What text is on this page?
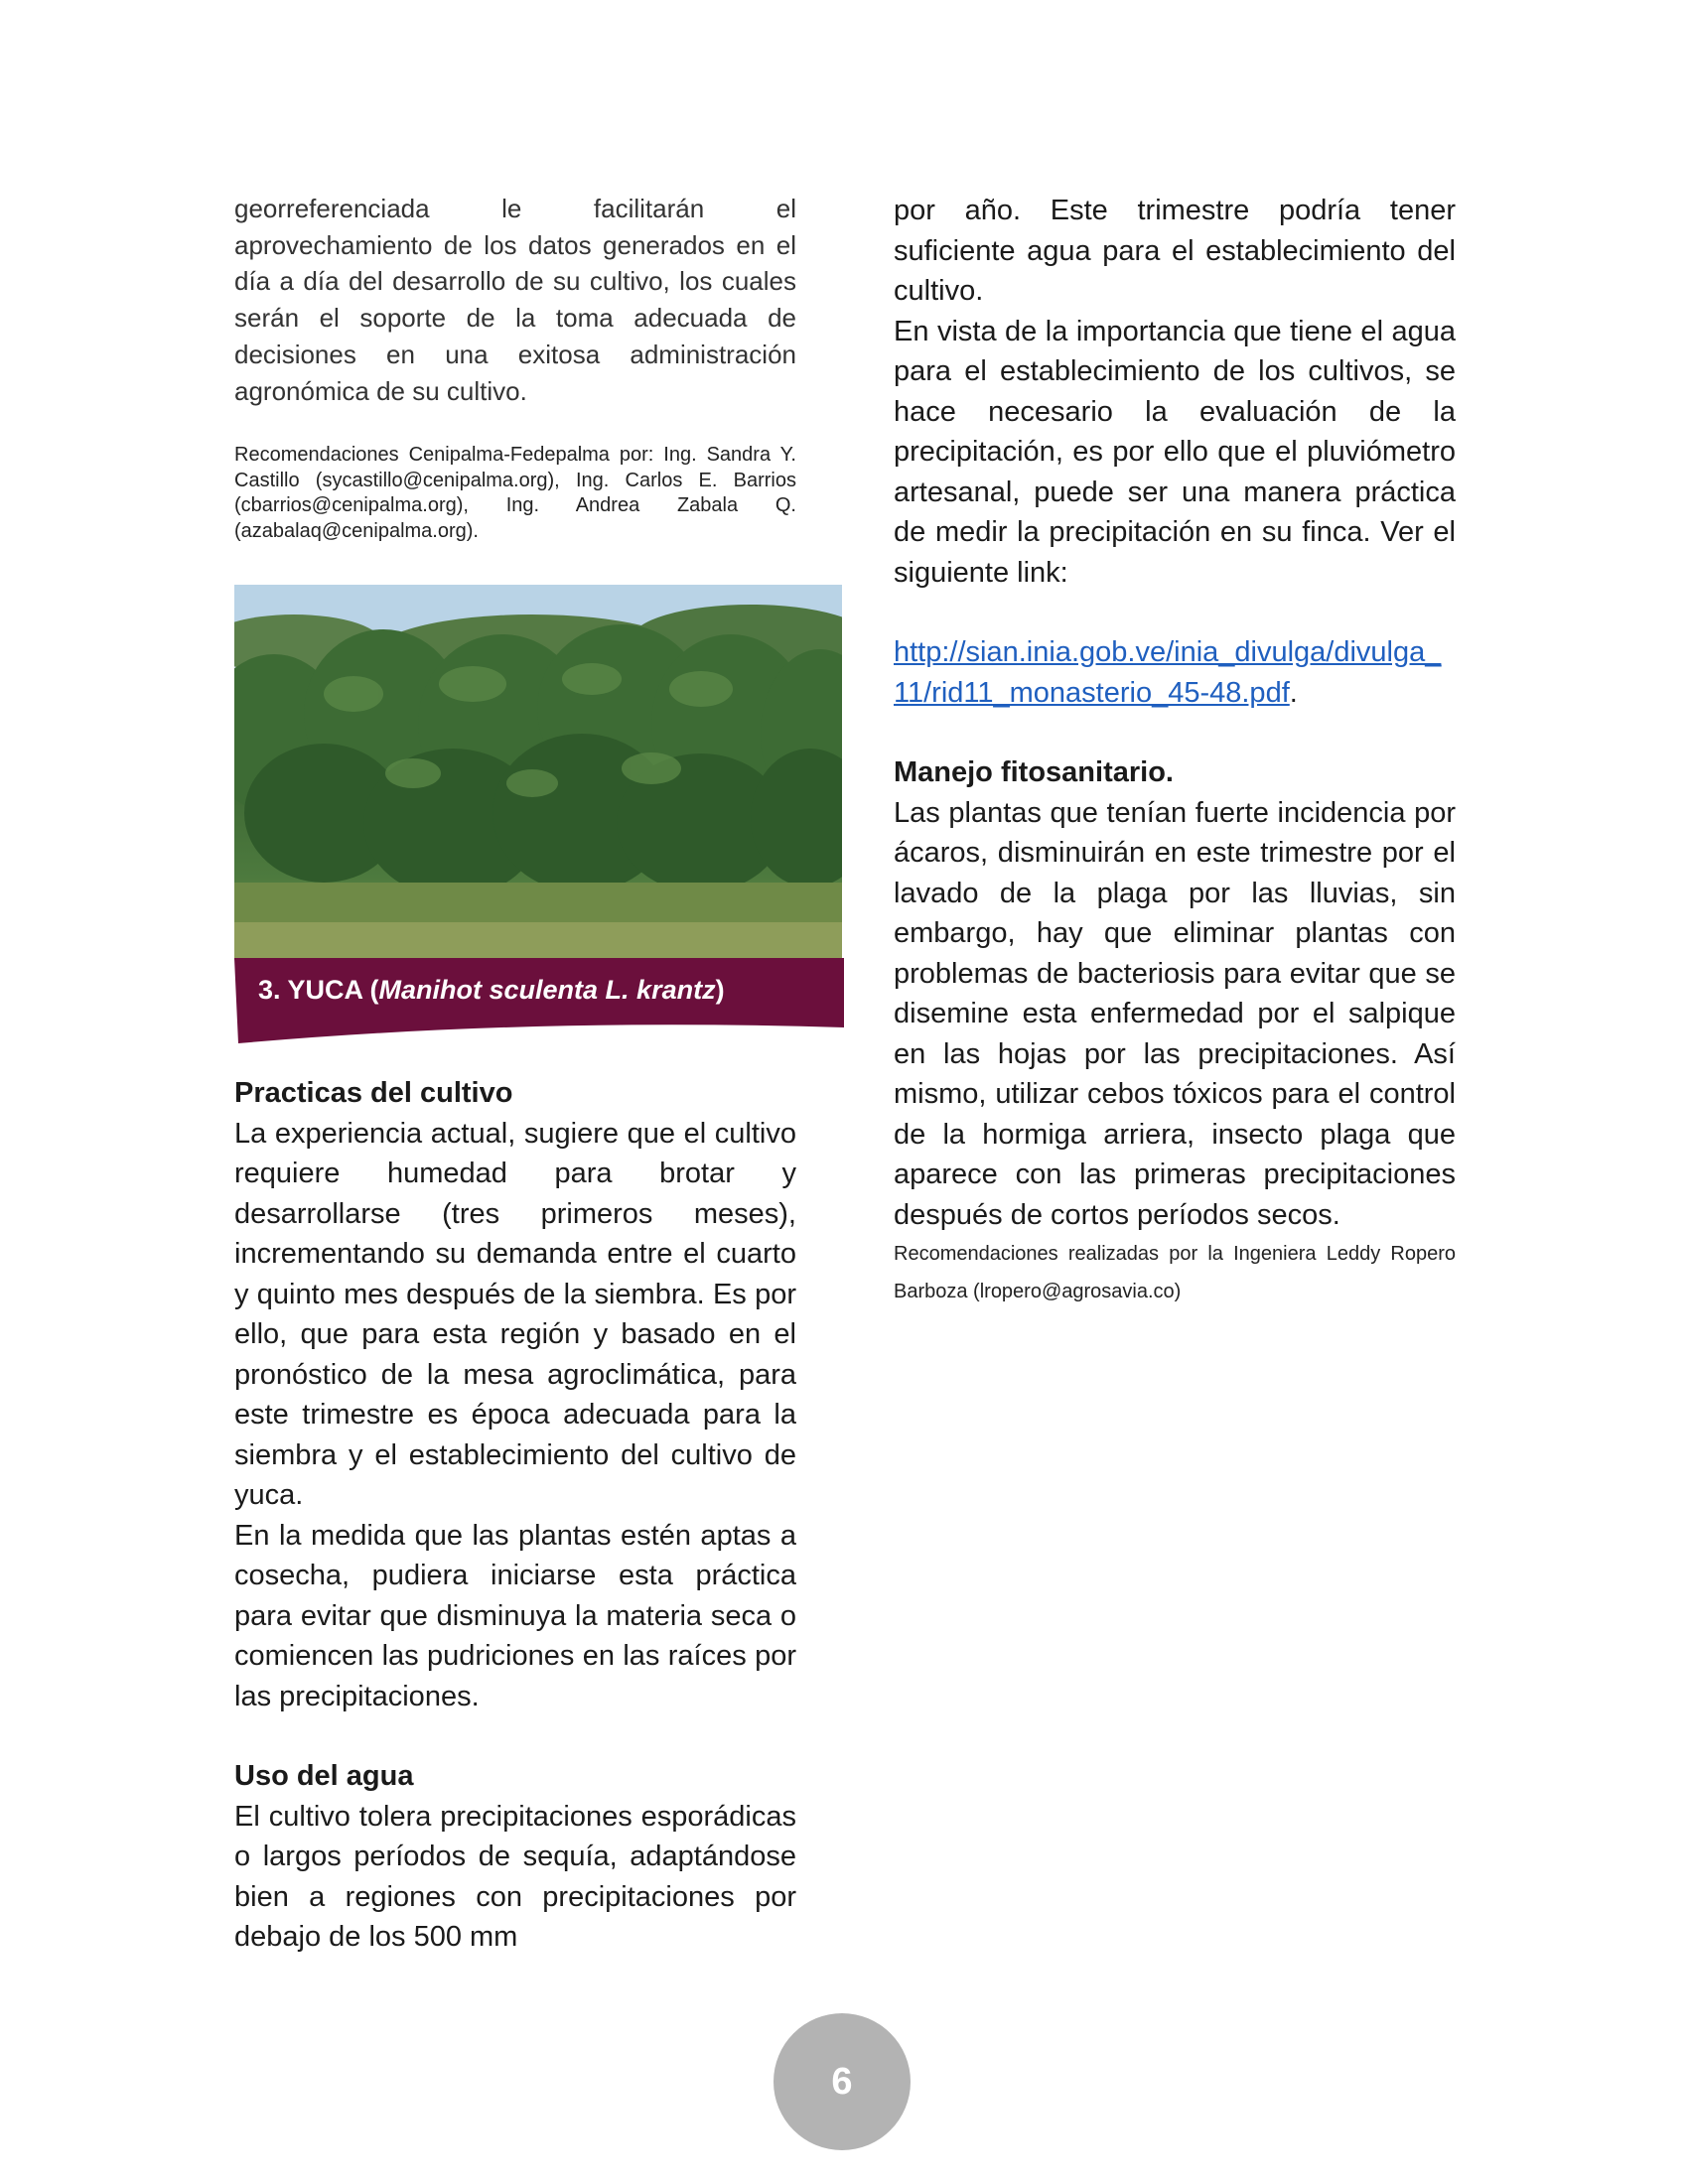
georreferenciada le facilitarán el aprovechamiento de los datos generados en el día a día del desarrollo de su cultivo, los cuales serán el soporte de la toma adecuada de decisiones en una exitosa administración agronómica de su cultivo.

Recomendaciones Cenipalma-Fedepalma por: Ing. Sandra Y. Castillo (sycastillo@cenipalma.org), Ing. Carlos E. Barrios (cbarrios@cenipalma.org), Ing. Andrea Zabala Q. (azabalaq@cenipalma.org).

3. YUCA (Manihot sculenta L. krantz)
Practicas del cultivo

La experiencia actual, sugiere que el cultivo requiere humedad para brotar y desarrollarse (tres primeros meses), incrementando su demanda entre el cuarto y quinto mes después de la siembra. Es por ello, que para esta región y basado en el pronóstico de la mesa agroclimática, para este trimestre es época adecuada para la siembra y el establecimiento del cultivo de yuca.

En la medida que las plantas estén aptas a cosecha, pudiera iniciarse esta práctica para evitar que disminuya la materia seca o comiencen las pudriciones en las raíces por las precipitaciones.

Uso del agua

El cultivo tolera precipitaciones esporádicas o largos períodos de sequía, adaptándose bien a regiones con precipitaciones por debajo de los 500 mm

por año. Este trimestre podría tener suficiente agua para el establecimiento del cultivo.

En vista de la importancia que tiene el agua para el establecimiento de los cultivos, se hace necesario la evaluación de la precipitación, es por ello que el pluviómetro artesanal, puede ser una manera práctica de medir la precipitación en su finca. Ver el siguiente link:

http://sian.inia.gob.ve/inia_divulga/divulga_11/rid11_monasterio_45-48.pdf.

Manejo fitosanitario.

Las plantas que tenían fuerte incidencia por ácaros, disminuirán en este trimestre por el lavado de la plaga por las lluvias, sin embargo, hay que eliminar plantas con problemas de bacteriosis para evitar que se disemine esta enfermedad por el salpique en las hojas por las precipitaciones. Así mismo, utilizar cebos tóxicos para el control de la hormiga arriera, insecto plaga que aparece con las primeras precipitaciones después de cortos períodos secos.

Recomendaciones realizadas por la Ingeniera Leddy Ropero Barboza (lropero@agrosavia.co)

6
